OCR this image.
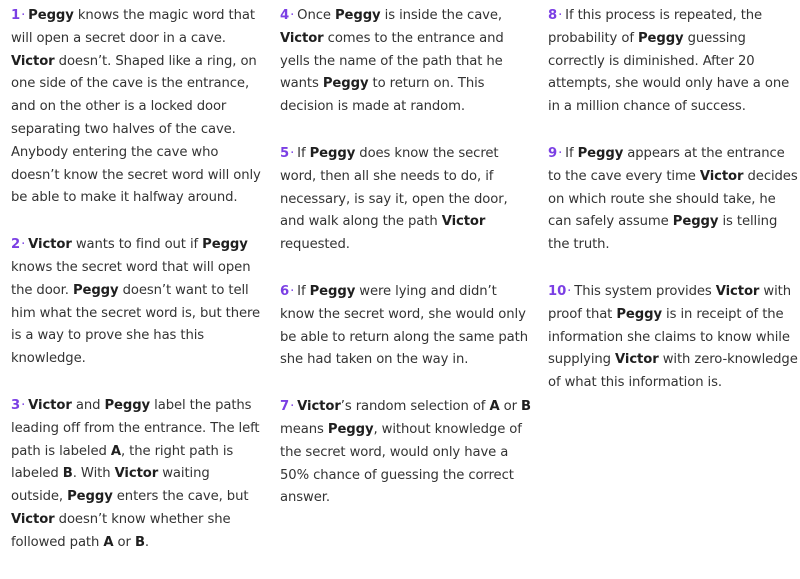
1· Peggy knows the magic word that will open a secret door in a cave. Victor doesn’t. Shaped like a ring, on one side of the cave is the entrance, and on the other is a locked door separating two halves of the cave. Anybody entering the cave who doesn’t know the secret word will only be able to make it halfway around.

2· Victor wants to find out if Peggy knows the secret word that will open the door. Peggy doesn’t want to tell him what the secret word is, but there is a way to prove she has this knowledge.

3· Victor and Peggy label the paths leading off from the entrance. The left path is labeled A, the right path is labeled B. With Victor waiting outside, Peggy enters the cave, but Victor doesn’t know whether she followed path A or B.

4· Once Peggy is inside the cave, Victor comes to the entrance and yells the name of the path that he wants Peggy to return on. This decision is made at random.

5· If Peggy does know the secret word, then all she needs to do, if necessary, is say it, open the door, and walk along the path Victor requested.

6· If Peggy were lying and didn’t know the secret word, she would only be able to return along the same path she had taken on the way in.

7· Victor’s random selection of A or B means Peggy, without knowledge of the secret word, would only have a 50% chance of guessing the correct answer.

8· If this process is repeated, the probability of Peggy guessing correctly is diminished. After 20 attempts, she would only have a one in a million chance of success.

9· If Peggy appears at the entrance to the cave every time Victor decides on which route she should take, he can safely assume Peggy is telling the truth.

10· This system provides Victor with proof that Peggy is in receipt of the information she claims to know while supplying Victor with zero-knowledge of what this information is.
